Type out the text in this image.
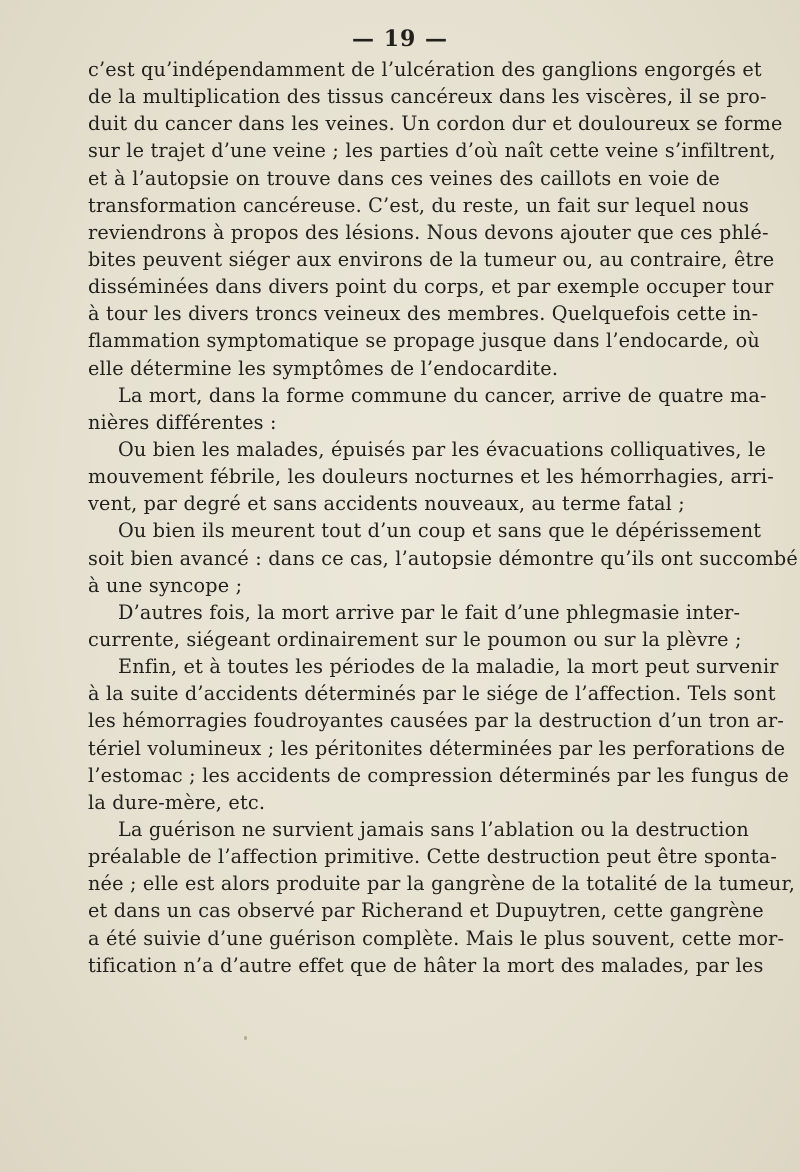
— 19 —
c’est qu’indépendamment de l’ulcération des ganglions engorgés et
de la multiplication des tissus cancéreux dans les viscères, il se pro-
duit du cancer dans les veines. Un cordon dur et douloureux se forme
sur le trajet d’une veine ; les parties d’où naît cette veine s’infiltrent,
et à l’autopsie on trouve dans ces veines des caillots en voie de
transformation cancéreuse. C’est, du reste, un fait sur lequel nous
reviendrons à propos des lésions. Nous devons ajouter que ces phlé-
bites peuvent siéger aux environs de la tumeur ou, au contraire, être
disséminées dans divers point du corps, et par exemple occuper tour
à tour les divers troncs veineux des membres. Quelquefois cette in-
flammation symptomatique se propage jusque dans l’endocarde, où
elle détermine les symptômes de l’endocardite.
La mort, dans la forme commune du cancer, arrive de quatre ma-
nières différentes :
Ou bien les malades, épuisés par les évacuations colliquatives, le
mouvement fébrile, les douleurs nocturnes et les hémorrhagies, arri-
vent, par degré et sans accidents nouveaux, au terme fatal ;
Ou bien ils meurent tout d’un coup et sans que le dépérissement
soit bien avancé : dans ce cas, l’autopsie démontre qu’ils ont succombé
à une syncope ;
D’autres fois, la mort arrive par le fait d’une phlegmasie inter-
currente, siégeant ordinairement sur le poumon ou sur la plèvre ;
Enfin, et à toutes les périodes de la maladie, la mort peut survenir
à la suite d’accidents déterminés par le siége de l’affection. Tels sont
les hémorragies foudroyantes causées par la destruction d’un tron ar-
tériel volumineux ; les péritonites déterminées par les perforations de
l’estomac ; les accidents de compression déterminés par les fungus de
la dure-mère, etc.
La guérison ne survient jamais sans l’ablation ou la destruction
préalable de l’affection primitive. Cette destruction peut être sponta-
née ; elle est alors produite par la gangrène de la totalité de la tumeur,
et dans un cas observé par Richerand et Dupuytren, cette gangrène
a été suivie d’une guérison complète. Mais le plus souvent, cette mor-
tification n’a d’autre effet que de hâter la mort des malades, par les
